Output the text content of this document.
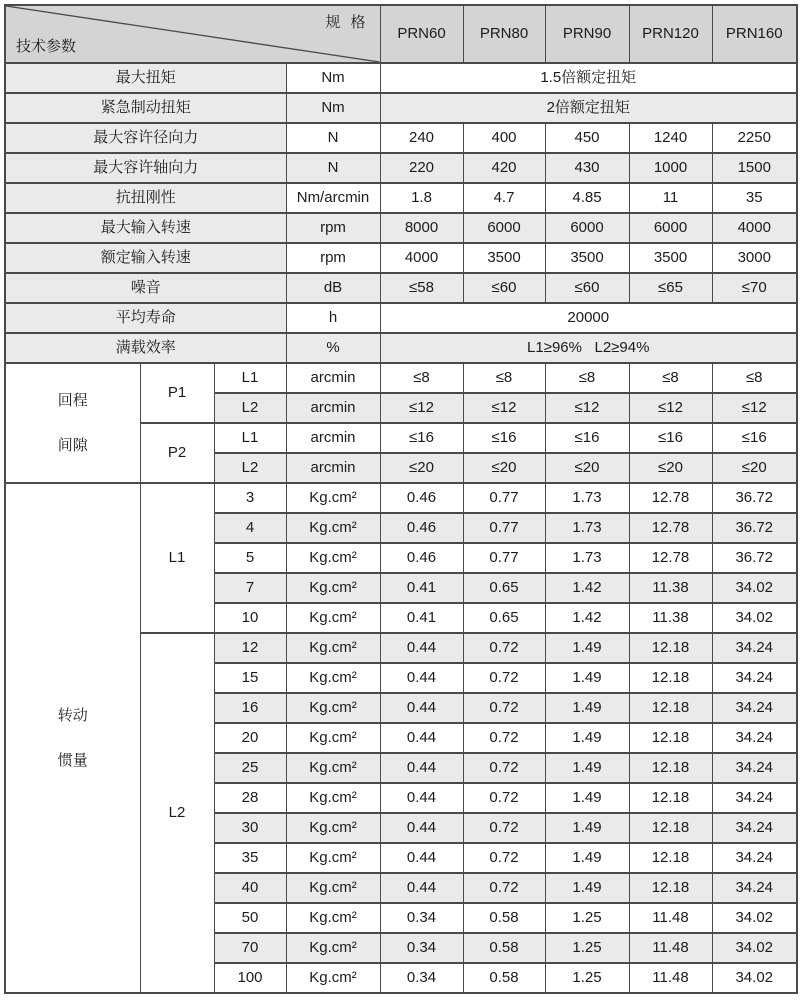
规 格
技术参数				PRN60	PRN80	PRN90	PRN120	PRN160
最大扭矩			Nm	1.5倍额定扭矩				
紧急制动扭矩			Nm	2倍额定扭矩				
最大容许径向力			N	240	400	450	1240	2250
最大容许轴向力			N	220	420	430	1000	1500
抗扭刚性			Nm/arcmin	1.8	4.7	4.85	11	35
最大输入转速			rpm	8000	6000	6000	6000	4000
额定输入转速			rpm	4000	3500	3500	3500	3000
噪音			dB	≤58	≤60	≤60	≤65	≤70
平均寿命			h	20000				
满载效率			%	L1≥96%   L2≥94%				

回程
间隙	P1	L1	arcmin	≤8	≤8	≤8	≤8	≤8
		L2	arcmin	≤12	≤12	≤12	≤12	≤12
	P2	L1	arcmin	≤16	≤16	≤16	≤16	≤16
		L2	arcmin	≤20	≤20	≤20	≤20	≤20

转动
惯量	L1	3	Kg.cm²	0.46	0.77	1.73	12.78	36.72
		4	Kg.cm²	0.46	0.77	1.73	12.78	36.72
		5	Kg.cm²	0.46	0.77	1.73	12.78	36.72
		7	Kg.cm²	0.41	0.65	1.42	11.38	34.02
		10	Kg.cm²	0.41	0.65	1.42	11.38	34.02
	L2	12	Kg.cm²	0.44	0.72	1.49	12.18	34.24
		15	Kg.cm²	0.44	0.72	1.49	12.18	34.24
		16	Kg.cm²	0.44	0.72	1.49	12.18	34.24
		20	Kg.cm²	0.44	0.72	1.49	12.18	34.24
		25	Kg.cm²	0.44	0.72	1.49	12.18	34.24
		28	Kg.cm²	0.44	0.72	1.49	12.18	34.24
		30	Kg.cm²	0.44	0.72	1.49	12.18	34.24
		35	Kg.cm²	0.44	0.72	1.49	12.18	34.24
		40	Kg.cm²	0.44	0.72	1.49	12.18	34.24
		50	Kg.cm²	0.34	0.58	1.25	11.48	34.02
		70	Kg.cm²	0.34	0.58	1.25	11.48	34.02
		100	Kg.cm²	0.34	0.58	1.25	11.48	34.02
